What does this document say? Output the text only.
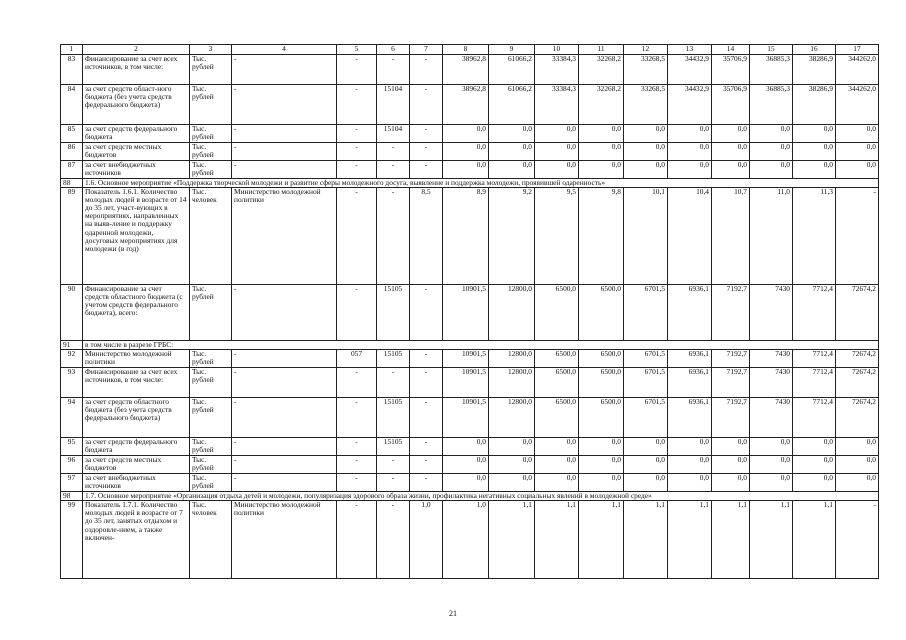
1	2	3	4	5	6	7	8	9	10	11	12	13	14	15	16	17
83	Финансирование за счет всех источников, в том числе:	Тыс. рублей	-	-	-	-	38962,8	61066,2	33384,3	32268,2	33268,5	34432,9	35706,9	36885,3	38286,9	344262,0
84	за счет средств област-ного бюджета (без учета средств федерального бюджета)	Тыс. рублей	-	-	15104	-	38962,8	61066,2	33384,3	32268,2	33268,5	34432,9	35706,9	36885,3	38286,9	344262,0
85	за счет средств федерального бюджета	Тыс. рублей	-	-	15104	-	0,0	0,0	0,0	0,0	0,0	0,0	0,0	0,0	0,0	0,0
86	за счет средств местных бюджетов	Тыс. рублей	-	-	-	-	0,0	0,0	0,0	0,0	0,0	0,0	0,0	0,0	0,0	0,0
87	за счет внебюджетных источников	Тыс. рублей	-	-	-	-	0,0	0,0	0,0	0,0	0,0	0,0	0,0	0,0	0,0	0,0
88	1.6. Основное мероприятие «Поддержка творческой молодежи и развитие сферы молодежного досуга, выявление и поддержка молодежи, проявившей одаренность»															
89	Показатель 1.6.1. Количество молодых людей в возрасте от 14 до 35 лет, участ-вующих в мероприятиях, направленных на выяв-ление и поддержку одаренной молодежи, досуговых мероприятиях для молодежи (в год)	Тыс. человек	Министерство молодежной политики	-	-	8,5	8,9	9,2	9,5	9,8	10,1	10,4	10,7	11,0	11,3	-
90	Финансирование за счет средств областного бюджета (с учетом средств федерального бюджета), всего:	Тыс. рублей	-	-	15105	-	10901,5	12800,0	6500,0	6500,0	6701,5	6936,1	7192,7	7430	7712,4	72674,2
91	в том числе в разрезе ГРБС:															
92	Министерство молодежной политики	Тыс. рублей	-	057	15105	-	10901,5	12800,0	6500,0	6500,0	6701,5	6936,1	7192,7	7430	7712,4	72674,2
93	Финансирование за счет всех источников, в том числе:	Тыс. рублей	-	-	-	-	10901,5	12800,0	6500,0	6500,0	6701,5	6936,1	7192,7	7430	7712,4	72674,2
94	за счет средств областного бюджета (без учета средств федерального бюджета)	Тыс. рублей	-	-	15105	-	10901,5	12800,0	6500,0	6500,0	6701,5	6936,1	7192,7	7430	7712,4	72674,2
95	за счет средств федерального бюджета	Тыс. рублей	-	-	15105	-	0,0	0,0	0,0	0,0	0,0	0,0	0,0	0,0	0,0	0,0
96	за счет средств местных бюджетов	Тыс. рублей	-	-	-	-	0,0	0,0	0,0	0,0	0,0	0,0	0,0	0,0	0,0	0,0
97	за счет внебюджетных источников	Тыс. рублей	-	-	-	-	0,0	0,0	0,0	0,0	0,0	0,0	0,0	0,0	0,0	0,0
98	1.7. Основное мероприятие «Организация отдыха детей и молодежи, популяризация здорового образа жизни, профилактика негативных социальных явлений в молодежной среде»															
99	Показатель 1.7.1. Количество молодых людей в возрасте от 7 до 35 лет, занятых отдыхом и оздоровле-нием, а также включен-	Тыс. человек	Министерство молодежной политики	-	-	1,0	1,0	1,1	1,1	1,1	1,1	1,1	1,1	1,1	1,1	-
21
